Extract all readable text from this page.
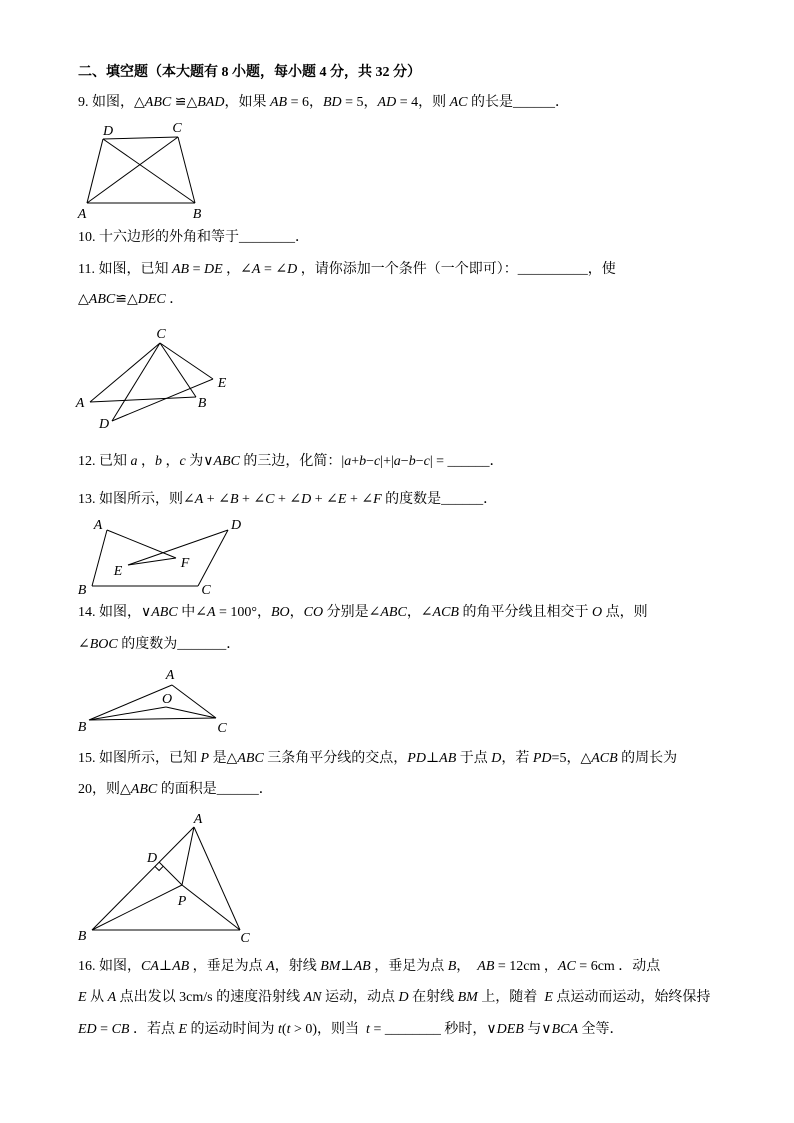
二、填空题（本大题有 8 小题，每小题 4 分，共 32 分）
9. 如图，△ABC ≌△BAD，如果 AB = 6，BD = 5，AD = 4，则 AC 的长是______．
D	C
A	B
10. 十六边形的外角和等于________．
11. 如图，已知 AB = DE ，∠A = ∠D ，请你添加一个条件（一个即可）：__________，使
△ABC≌△DEC ．
C
E
A	B
D
12. 已知 a ，b ，c 为∨ABC 的三边，化简：|a+b−c|+|a−b−c| = ______．
13. 如图所示，则∠A + ∠B + ∠C + ∠D + ∠E + ∠F 的度数是______．
A	D
E
F
B	C
14. 如图，∨ABC 中∠A = 100°，BO，CO 分别是∠ABC，∠ACB 的角平分线且相交于 O 点，则
∠BOC 的度数为_______．
A
O
B	C
15. 如图所示，已知 P 是△ABC 三条角平分线的交点，PD⊥AB 于点 D，若 PD=5，△ACB 的周长为
20，则△ABC 的面积是______．
A
D
P
B	C
16. 如图，CA⊥AB ，垂足为点 A，射线 BM⊥AB ，垂足为点 B，  AB = 12cm ，AC = 6cm ．动点
E 从 A 点出发以 3cm/s 的速度沿射线 AN 运动，动点 D 在射线 BM 上，随着  E 点运动而运动，始终保持
ED = CB ．若点 E 的运动时间为 t(t > 0)，则当  t = ________ 秒时，∨DEB 与∨BCA 全等．
